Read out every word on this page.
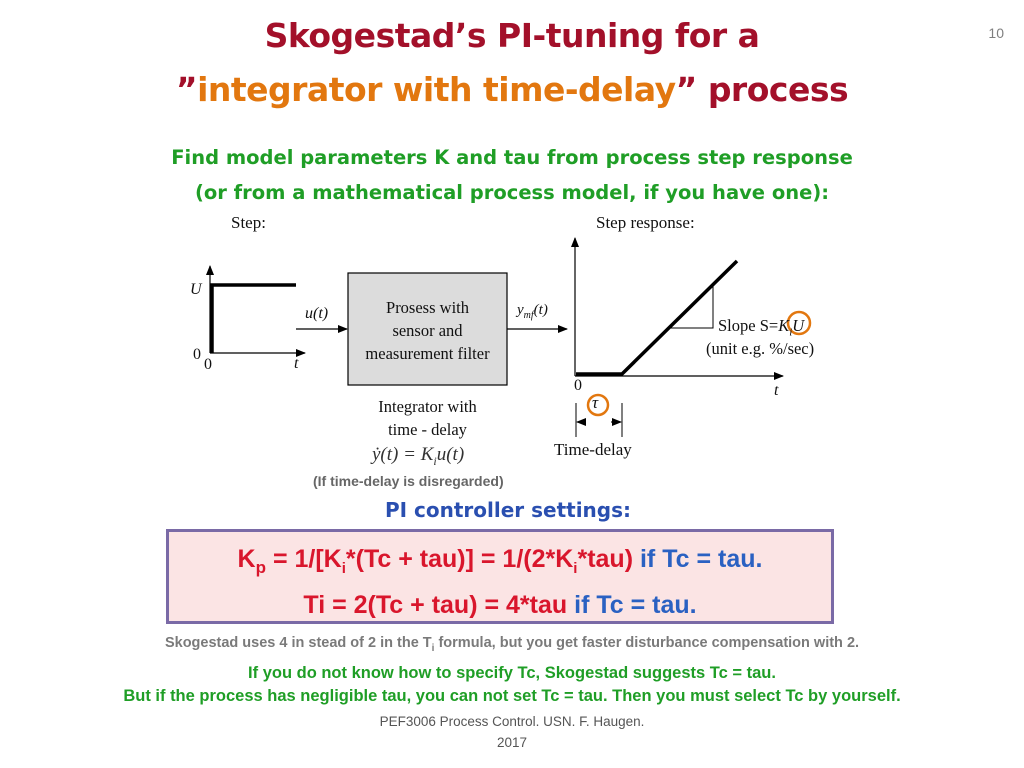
10
Skogestad’s PI-tuning for a
”integrator with time-delay” process
Find model parameters K and tau from process step response
(or from a mathematical process model, if you have one):
Step:	Step response:
U
0
0	t
u(t)	Prosess with
sensor and
measurement filter
$y_{mf}(t)$
Integrator with
time - delay
ẏ(t) = $K_iu(t)$
(If time-delay is disregarded)
Slope $S=K_iU$
(unit e.g. %/sec)
0	t
τ
Time-delay
PI controller settings:
$K_p = 1/[K_i*(Tc + tau)] = 1/(2*K_i*tau)$ if Tc = tau.
Ti = 2(Tc + tau) = 4*tau if Tc = tau.
Skogestad uses 4 in stead of 2 in the $T_i$ formula, but you get faster disturbance compensation with 2.
If you do not know how to specify Tc, Skogestad suggests Tc = tau.
But if the process has negligible tau, you can not set Tc = tau. Then you must select Tc by yourself.
PEF3006 Process Control. USN. F. Haugen.
2017
